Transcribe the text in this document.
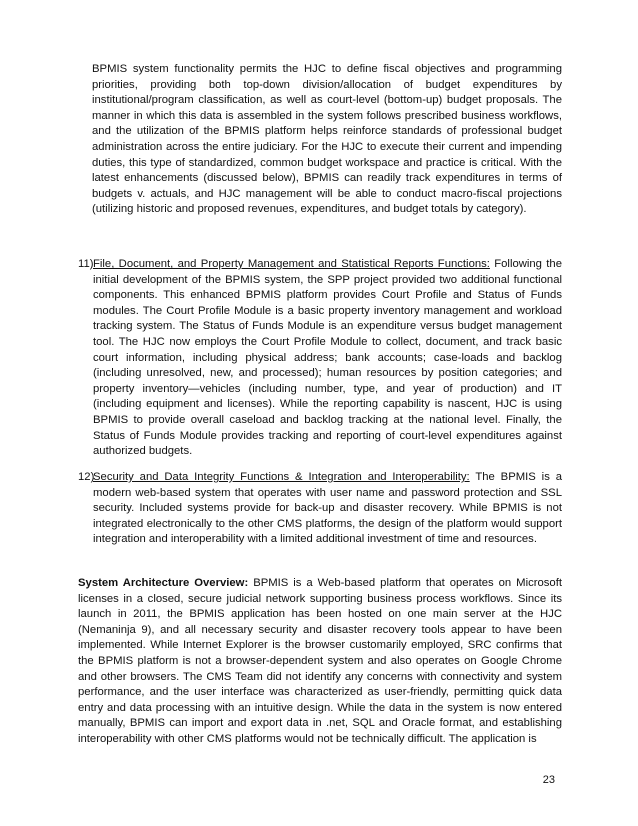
BPMIS system functionality permits the HJC to define fiscal objectives and programming priorities, providing both top-down division/allocation of budget expenditures by institutional/program classification, as well as court-level (bottom-up) budget proposals. The manner in which this data is assembled in the system follows prescribed business workflows, and the utilization of the BPMIS platform helps reinforce standards of professional budget administration across the entire judiciary. For the HJC to execute their current and impending duties, this type of standardized, common budget workspace and practice is critical. With the latest enhancements (discussed below), BPMIS can readily track expenditures in terms of budgets v. actuals, and HJC management will be able to conduct macro-fiscal projections (utilizing historic and proposed revenues, expenditures, and budget totals by category).

11) File, Document, and Property Management and Statistical Reports Functions: Following the initial development of the BPMIS system, the SPP project provided two additional functional components. This enhanced BPMIS platform provides Court Profile and Status of Funds modules. The Court Profile Module is a basic property inventory management and workload tracking system. The Status of Funds Module is an expenditure versus budget management tool. The HJC now employs the Court Profile Module to collect, document, and track basic court information, including physical address; bank accounts; case-loads and backlog (including unresolved, new, and processed); human resources by position categories; and property inventory—vehicles (including number, type, and year of production) and IT (including equipment and licenses). While the reporting capability is nascent, HJC is using BPMIS to provide overall caseload and backlog tracking at the national level. Finally, the Status of Funds Module provides tracking and reporting of court-level expenditures against authorized budgets.
12)
Security and Data Integrity Functions & Integration and Interoperability: The BPMIS is a modern web-based system that operates with user name and password protection and SSL security. Included systems provide for back-up and disaster recovery. While BPMIS is not integrated electronically to the other CMS platforms, the design of the platform would support integration and interoperability with a limited additional investment of time and resources.
System Architecture Overview: BPMIS is a Web-based platform that operates on Microsoft licenses in a closed, secure judicial network supporting business process workflows. Since its launch in 2011, the BPMIS application has been hosted on one main server at the HJC (Nemaninja 9), and all necessary security and disaster recovery tools appear to have been implemented. While Internet Explorer is the browser customarily employed, SRC confirms that the BPMIS platform is not a browser-dependent system and also operates on Google Chrome and other browsers. The CMS Team did not identify any concerns with connectivity and system performance, and the user interface was characterized as user-friendly, permitting quick data entry and data processing with an intuitive design. While the data in the system is now entered manually, BPMIS can import and export data in .net, SQL and Oracle format, and establishing interoperability with other CMS platforms would not be technically difficult. The application is
23
